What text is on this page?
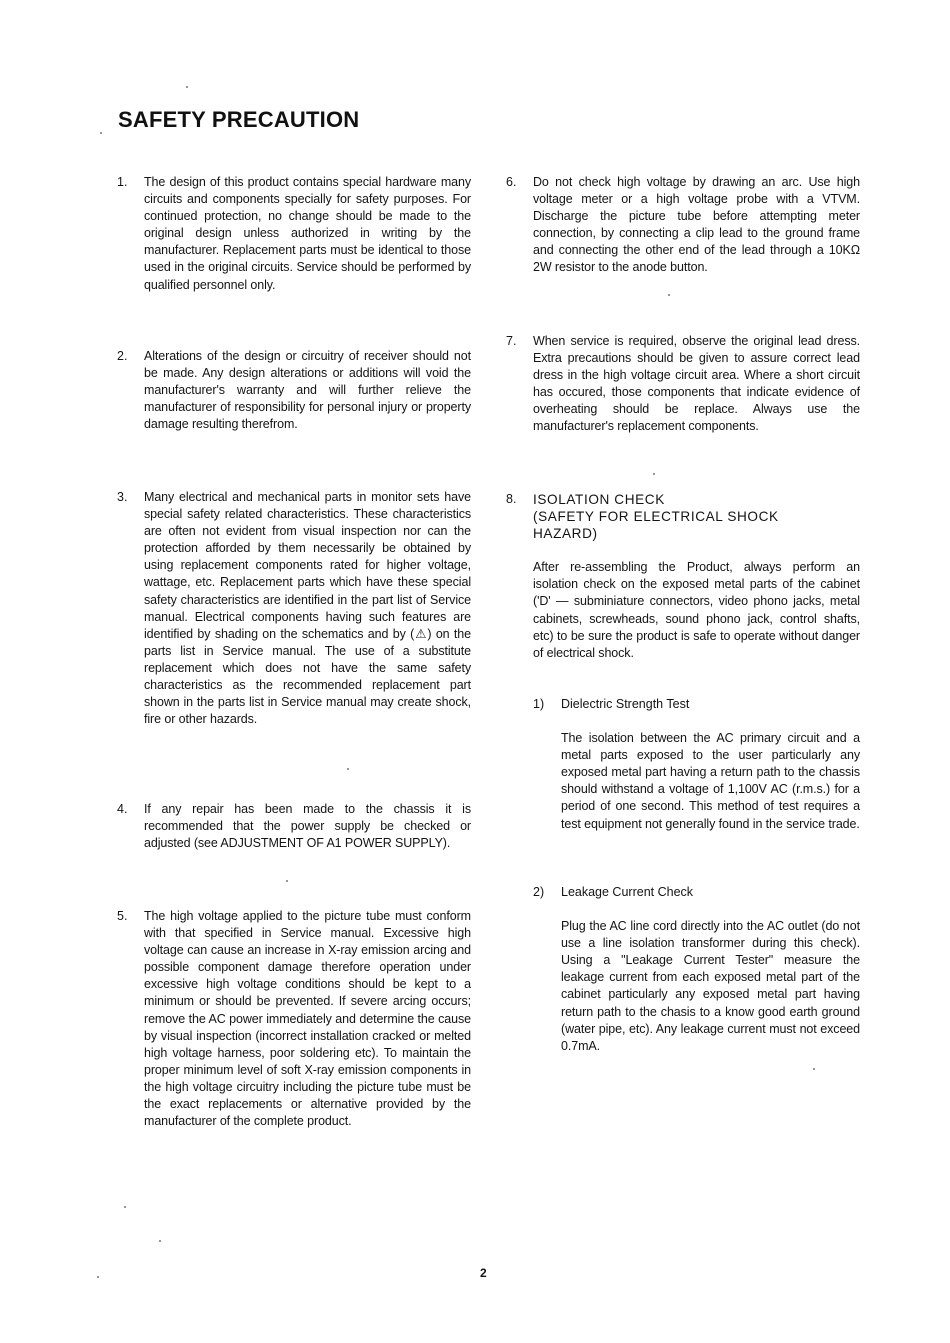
SAFETY PRECAUTION
1. The design of this product contains special hardware many circuits and components specially for safety purposes. For continued protection, no change should be made to the original design unless authorized in writing by the manufacturer. Replacement parts must be identical to those used in the original circuits. Service should be performed by qualified personnel only.
2. Alterations of the design or circuitry of receiver should not be made. Any design alterations or additions will void the manufacturer's warranty and will further relieve the manufacturer of responsibility for personal injury or property damage resulting therefrom.
3. Many electrical and mechanical parts in monitor sets have special safety related characteristics. These characteristics are often not evident from visual inspection nor can the protection afforded by them necessarily be obtained by using replacement components rated for higher voltage, wattage, etc. Replacement parts which have these special safety characteristics are identified in the part list of Service manual. Electrical components having such features are identified by shading on the schematics and by (⚠) on the parts list in Service manual. The use of a substitute replacement which does not have the same safety characteristics as the recommended replacement part shown in the parts list in Service manual may create shock, fire or other hazards.
4. If any repair has been made to the chassis it is recommended that the power supply be checked or adjusted (see ADJUSTMENT OF A1 POWER SUPPLY).
5. The high voltage applied to the picture tube must conform with that specified in Service manual. Excessive high voltage can cause an increase in X-ray emission arcing and possible component damage therefore operation under excessive high voltage conditions should be kept to a minimum or should be prevented. If severe arcing occurs; remove the AC power immediately and determine the cause by visual inspection (incorrect installation cracked or melted high voltage harness, poor soldering etc). To maintain the proper minimum level of soft X-ray emission components in the high voltage circuitry including the picture tube must be the exact replacements or alternative provided by the manufacturer of the complete product.
6. Do not check high voltage by drawing an arc. Use high voltage meter or a high voltage probe with a VTVM. Discharge the picture tube before attempting meter connection, by connecting a clip lead to the ground frame and connecting the other end of the lead through a 10KΩ 2W resistor to the anode button.
7. When service is required, observe the original lead dress. Extra precautions should be given to assure correct lead dress in the high voltage circuit area. Where a short circuit has occured, those components that indicate evidence of overheating should be replace. Always use the manufacturer's replacement components.
8. ISOLATION CHECK
(SAFETY FOR ELECTRICAL SHOCK
HAZARD)
After re-assembling the Product, always perform an isolation check on the exposed metal parts of the cabinet ('D' — subminiature connectors, video phono jacks, metal cabinets, screwheads, sound phono jack, control shafts, etc) to be sure the product is safe to operate without danger of electrical shock.
1) Dielectric Strength Test
The isolation between the AC primary circuit and a metal parts exposed to the user particularly any exposed metal part having a return path to the chassis should withstand a voltage of 1,100V AC (r.m.s.) for a period of one second. This method of test requires a test equipment not generally found in the service trade.
2) Leakage Current Check
Plug the AC line cord directly into the AC outlet (do not use a line isolation transformer during this check). Using a "Leakage Current Tester" measure the leakage current from each exposed metal part of the cabinet particularly any exposed metal part having return path to the chasis to a know good earth ground (water pipe, etc). Any leakage current must not exceed 0.7mA.
2
